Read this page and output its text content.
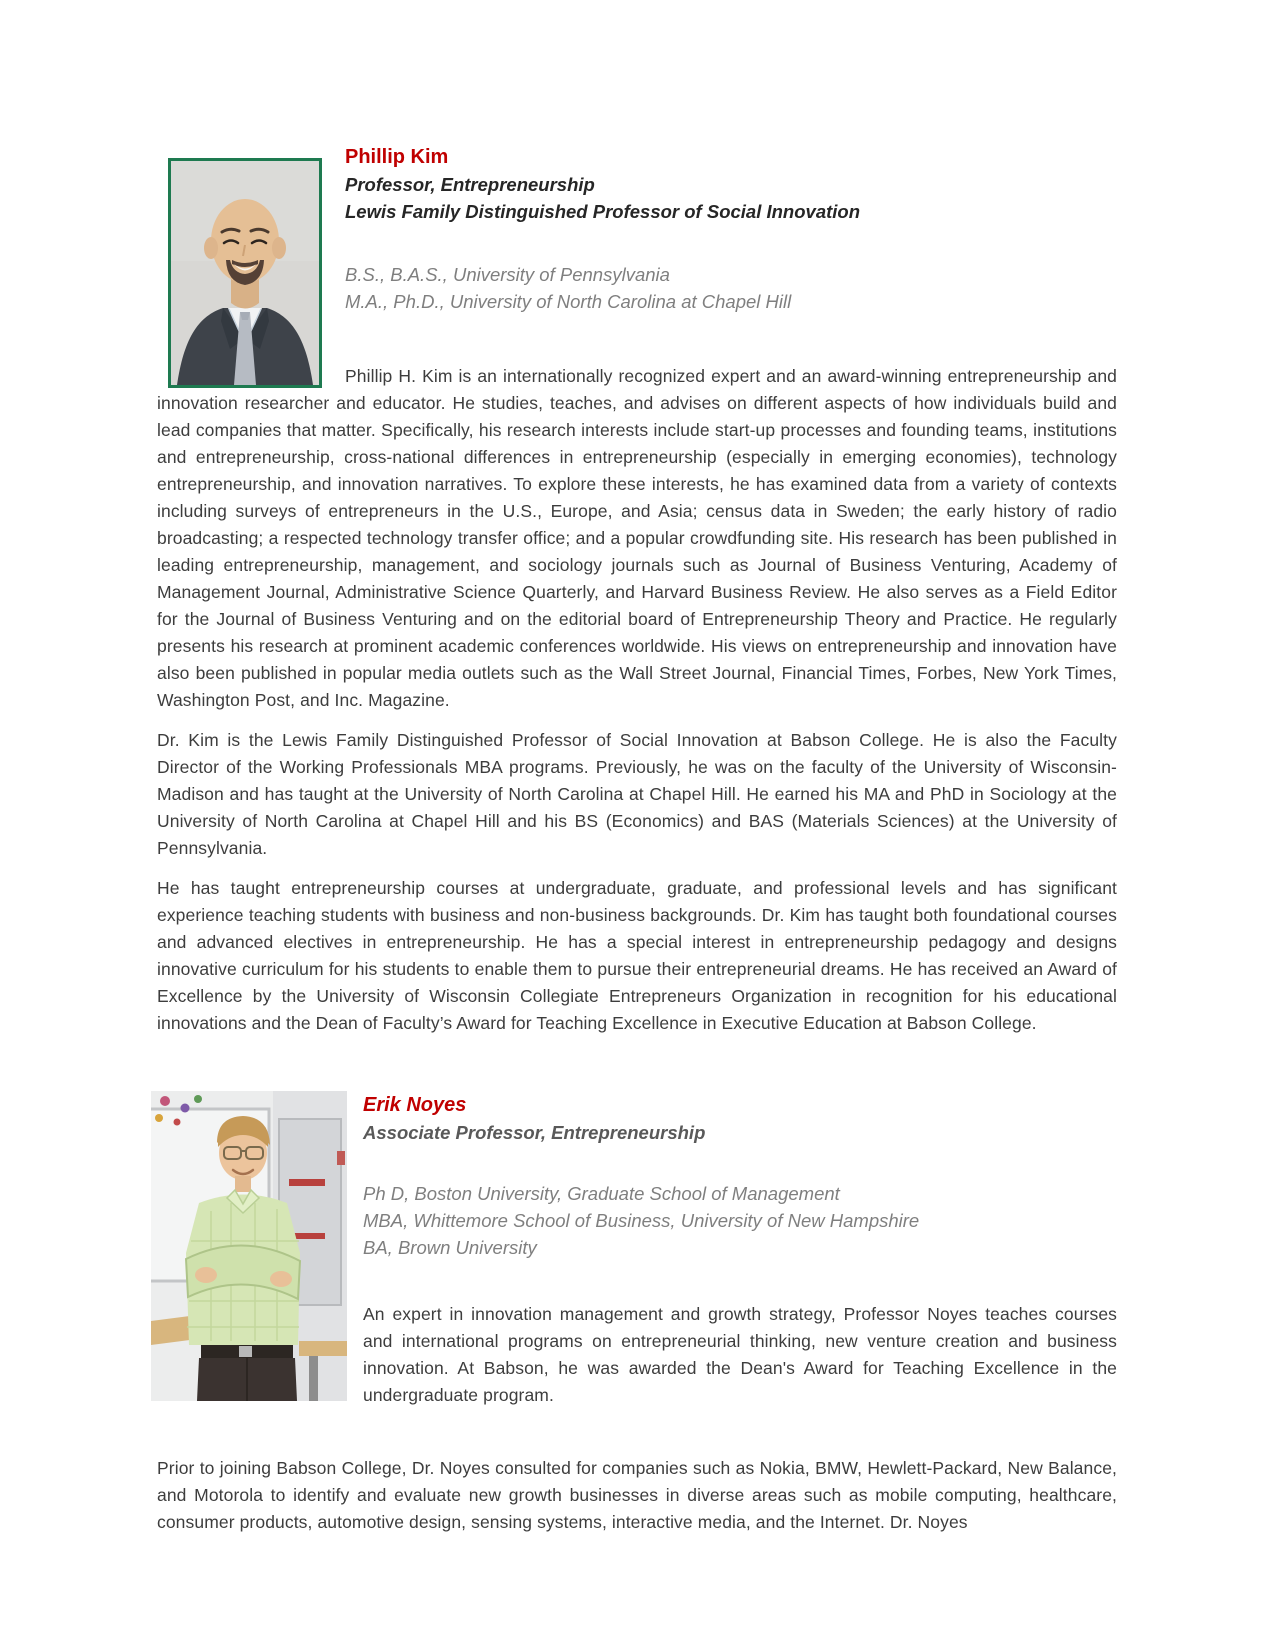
Phillip Kim
Professor, Entrepreneurship
Lewis Family Distinguished Professor of Social Innovation
B.S., B.A.S., University of Pennsylvania
M.A., Ph.D., University of North Carolina at Chapel Hill

Phillip H. Kim is an internationally recognized expert and an award-winning entrepreneurship and innovation researcher and educator. He studies, teaches, and advises on different aspects of how individuals build and lead companies that matter. Specifically, his research interests include start-up processes and founding teams, institutions and entrepreneurship, cross-national differences in entrepreneurship (especially in emerging economies), technology entrepreneurship, and innovation narratives. To explore these interests, he has examined data from a variety of contexts including surveys of entrepreneurs in the U.S., Europe, and Asia; census data in Sweden; the early history of radio broadcasting; a respected technology transfer office; and a popular crowdfunding site. His research has been published in leading entrepreneurship, management, and sociology journals such as Journal of Business Venturing, Academy of Management Journal, Administrative Science Quarterly, and Harvard Business Review. He also serves as a Field Editor for the Journal of Business Venturing and on the editorial board of Entrepreneurship Theory and Practice. He regularly presents his research at prominent academic conferences worldwide. His views on entrepreneurship and innovation have also been published in popular media outlets such as the Wall Street Journal, Financial Times, Forbes, New York Times, Washington Post, and Inc. Magazine.

Dr. Kim is the Lewis Family Distinguished Professor of Social Innovation at Babson College. He is also the Faculty Director of the Working Professionals MBA programs. Previously, he was on the faculty of the University of Wisconsin-Madison and has taught at the University of North Carolina at Chapel Hill. He earned his MA and PhD in Sociology at the University of North Carolina at Chapel Hill and his BS (Economics) and BAS (Materials Sciences) at the University of Pennsylvania.

He has taught entrepreneurship courses at undergraduate, graduate, and professional levels and has significant experience teaching students with business and non-business backgrounds. Dr. Kim has taught both foundational courses and advanced electives in entrepreneurship. He has a special interest in entrepreneurship pedagogy and designs innovative curriculum for his students to enable them to pursue their entrepreneurial dreams. He has received an Award of Excellence by the University of Wisconsin Collegiate Entrepreneurs Organization in recognition for his educational innovations and the Dean of Faculty’s Award for Teaching Excellence in Executive Education at Babson College.

Erik Noyes
Associate Professor, Entrepreneurship
Ph D, Boston University, Graduate School of Management
MBA, Whittemore School of Business, University of New Hampshire
BA, Brown University

An expert in innovation management and growth strategy, Professor Noyes teaches courses and international programs on entrepreneurial thinking, new venture creation and business innovation. At Babson, he was awarded the Dean's Award for Teaching Excellence in the undergraduate program.

Prior to joining Babson College, Dr. Noyes consulted for companies such as Nokia, BMW, Hewlett-Packard, New Balance, and Motorola to identify and evaluate new growth businesses in diverse areas such as mobile computing, healthcare, consumer products, automotive design, sensing systems, interactive media, and the Internet. Dr. Noyes
